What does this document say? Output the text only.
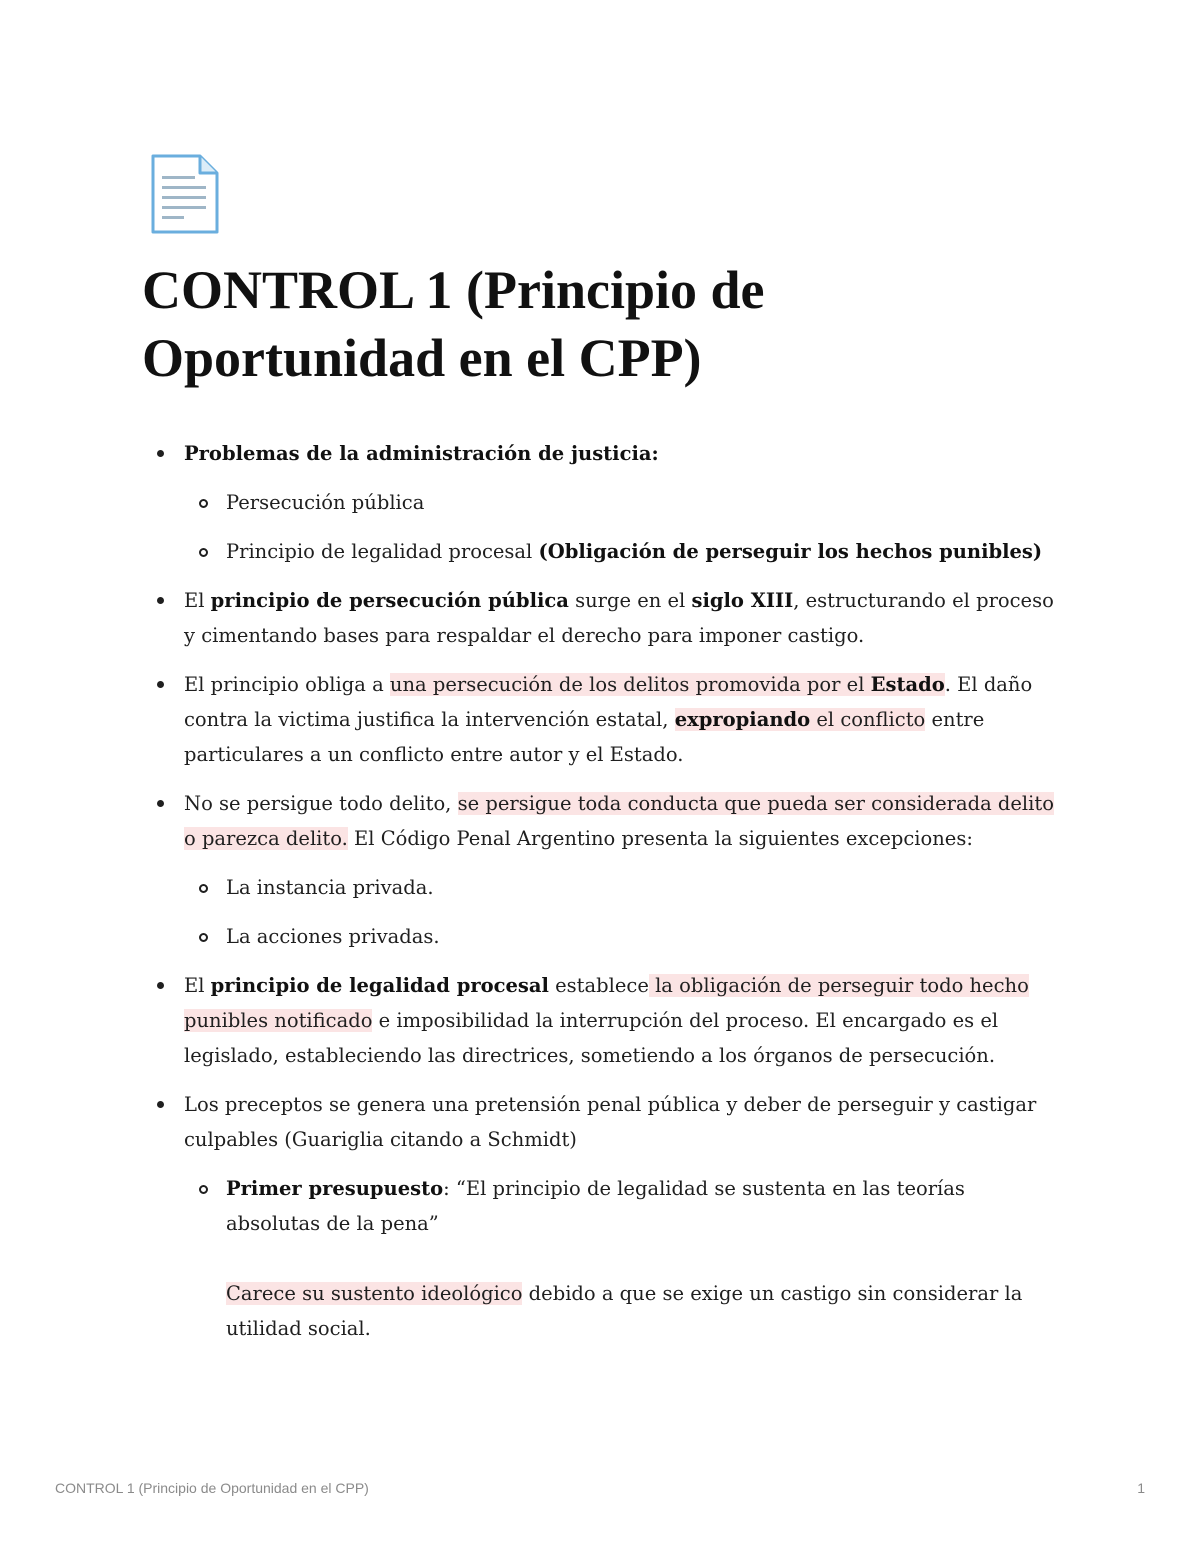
CONTROL 1 (Principio de Oportunidad en el CPP)
Problemas de la administración de justicia:
Persecución pública
Principio de legalidad procesal (Obligación de perseguir los hechos punibles)
El principio de persecución pública surge en el siglo XIII, estructurando el proceso y cimentando bases para respaldar el derecho para imponer castigo.
El principio obliga a una persecución de los delitos promovida por el Estado. El daño contra la victima justifica la intervención estatal, expropiando el conflicto entre particulares a un conflicto entre autor y el Estado.
No se persigue todo delito, se persigue toda conducta que pueda ser considerada delito o parezca delito. El Código Penal Argentino presenta la siguientes excepciones:
La instancia privada.
La acciones privadas.
El principio de legalidad procesal establece la obligación de perseguir todo hecho punibles notificado e imposibilidad la interrupción del proceso. El encargado es el legislado, estableciendo las directrices, sometiendo a los órganos de persecución.
Los preceptos se genera una pretensión penal pública y deber de perseguir y castigar culpables (Guariglia citando a Schmidt)
Primer presupuesto: “El principio de legalidad se sustenta en las teorías absolutas de la pena”
Carece su sustento ideológico debido a que se exige un castigo sin considerar la utilidad social.
CONTROL 1 (Principio de Oportunidad en el CPP)	1
